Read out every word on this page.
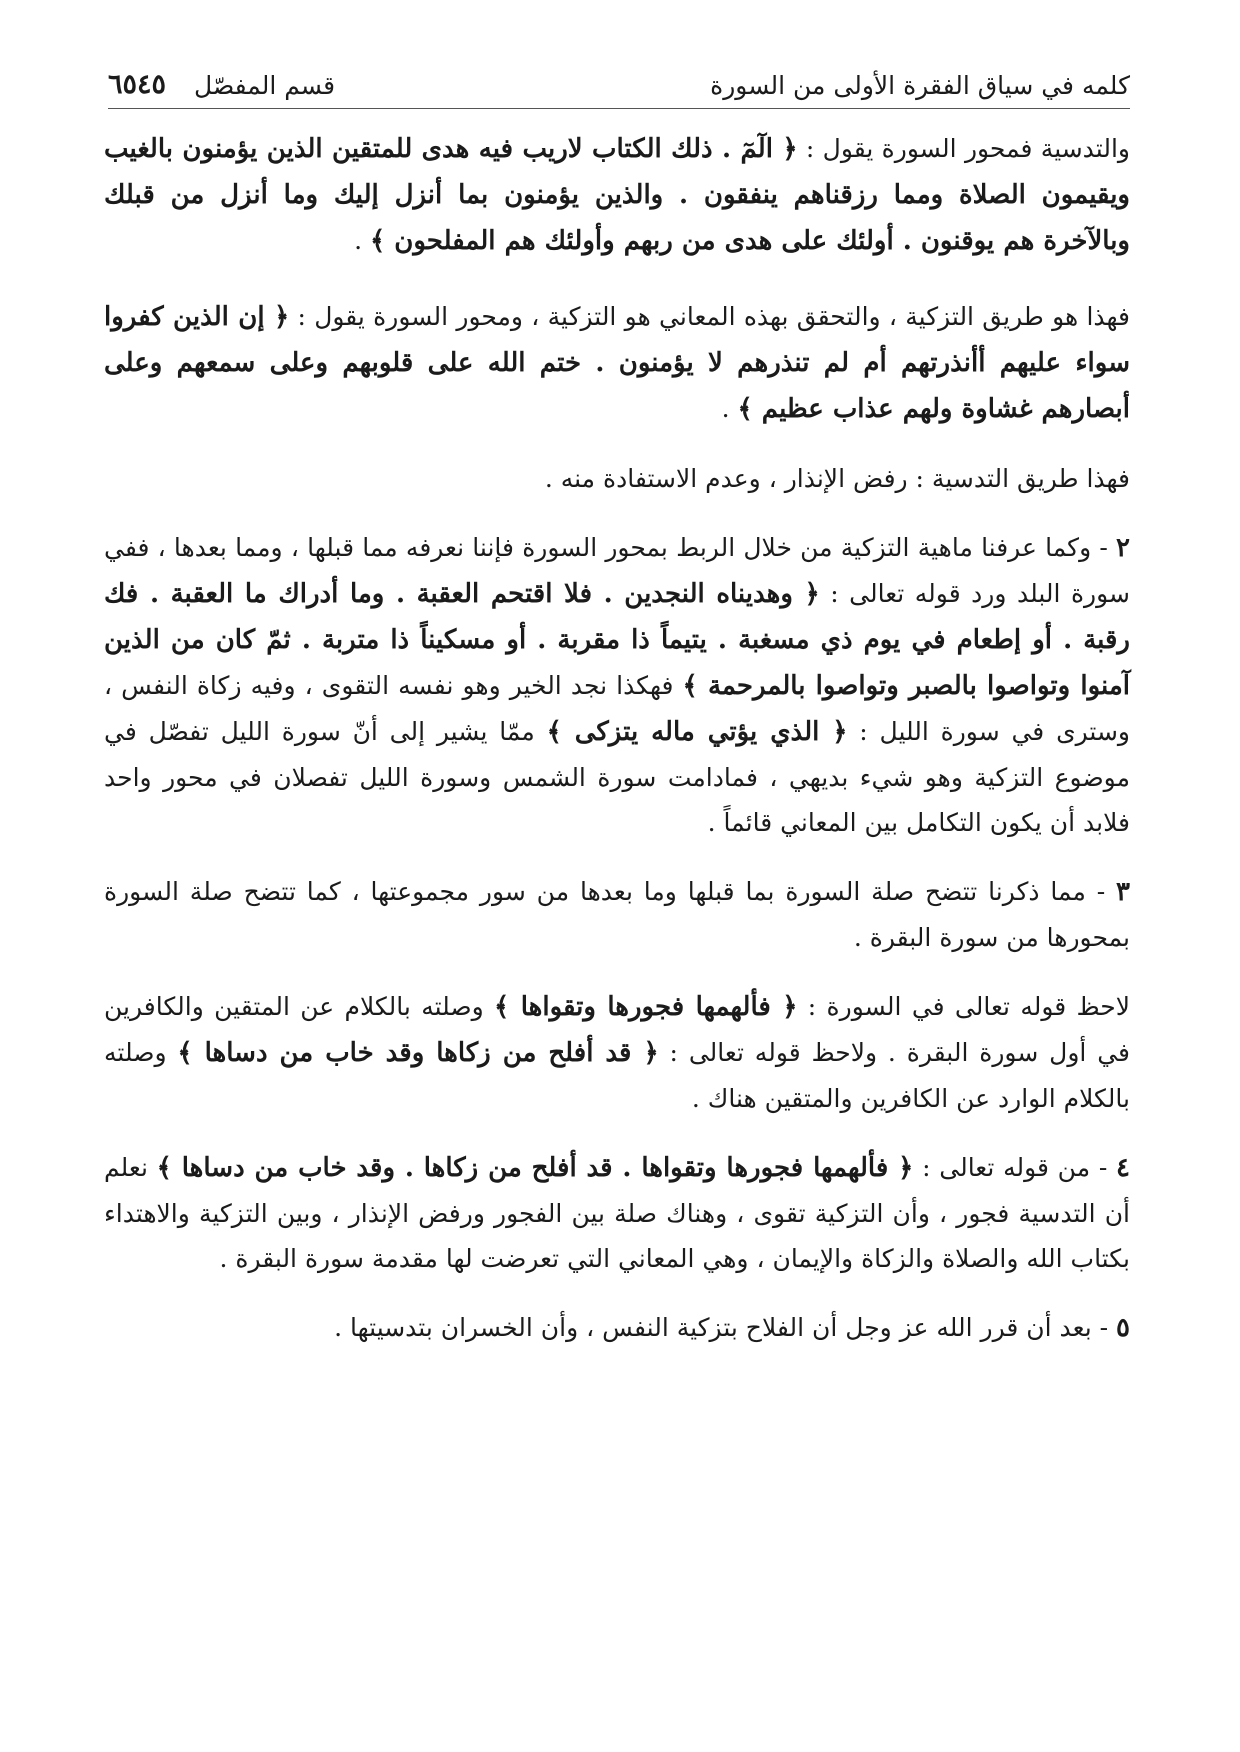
كلمه في سياق الفقرة الأولى من السورة
قسم المفصّل
٦٥٤٥

والتدسية فمحور السورة يقول : ﴿ الٓمٓ . ذلك الكتاب لاريب فيه هدى للمتقين الذين يؤمنون بالغيب ويقيمون الصلاة ومما رزقناهم ينفقون . والذين يؤمنون بما أنزل إليك وما أنزل من قبلك وبالآخرة هم يوقنون . أولئك على هدى من ربهم وأولئك هم المفلحون ﴾ .

فهذا هو طريق التزكية ، والتحقق بهذه المعاني هو التزكية ، ومحور السورة يقول : ﴿ إن الذين كفروا سواء عليهم أأنذرتهم أم لم تنذرهم لا يؤمنون . ختم الله على قلوبهم وعلى سمعهم وعلى أبصارهم غشاوة ولهم عذاب عظيم ﴾ .

فهذا طريق التدسية : رفض الإنذار ، وعدم الاستفادة منه .

٢ - وكما عرفنا ماهية التزكية من خلال الربط بمحور السورة فإننا نعرفه مما قبلها ، ومما بعدها ، ففي سورة البلد ورد قوله تعالى : ﴿ وهديناه النجدين . فلا اقتحم العقبة . وما أدراك ما العقبة . فك رقبة . أو إطعام في يوم ذي مسغبة . يتيماً ذا مقربة . أو مسكيناً ذا متربة . ثمّ كان من الذين آمنوا وتواصوا بالصبر وتواصوا بالمرحمة ﴾ فهكذا نجد الخير وهو نفسه التقوى ، وفيه زكاة النفس ، وسترى في سورة الليل : ﴿ الذي يؤتي ماله يتزكى ﴾ ممّا يشير إلى أنّ سورة الليل تفصّل في موضوع التزكية وهو شيء بديهي ، فمادامت سورة الشمس وسورة الليل تفصلان في محور واحد فلابد أن يكون التكامل بين المعاني قائماً .

٣ - مما ذكرنا تتضح صلة السورة بما قبلها وما بعدها من سور مجموعتها ، كما تتضح صلة السورة بمحورها من سورة البقرة .

لاحظ قوله تعالى في السورة : ﴿ فألهمها فجورها وتقواها ﴾ وصلته بالكلام عن المتقين والكافرين في أول سورة البقرة . ولاحظ قوله تعالى : ﴿ قد أفلح من زكاها وقد خاب من دساها ﴾ وصلته بالكلام الوارد عن الكافرين والمتقين هناك .

٤ - من قوله تعالى : ﴿ فألهمها فجورها وتقواها . قد أفلح من زكاها . وقد خاب من دساها ﴾ نعلم أن التدسية فجور ، وأن التزكية تقوى ، وهناك صلة بين الفجور ورفض الإنذار ، وبين التزكية والاهتداء بكتاب الله والصلاة والزكاة والإيمان ، وهي المعاني التي تعرضت لها مقدمة سورة البقرة .

٥ - بعد أن قرر الله عز وجل أن الفلاح بتزكية النفس ، وأن الخسران بتدسيتها .
